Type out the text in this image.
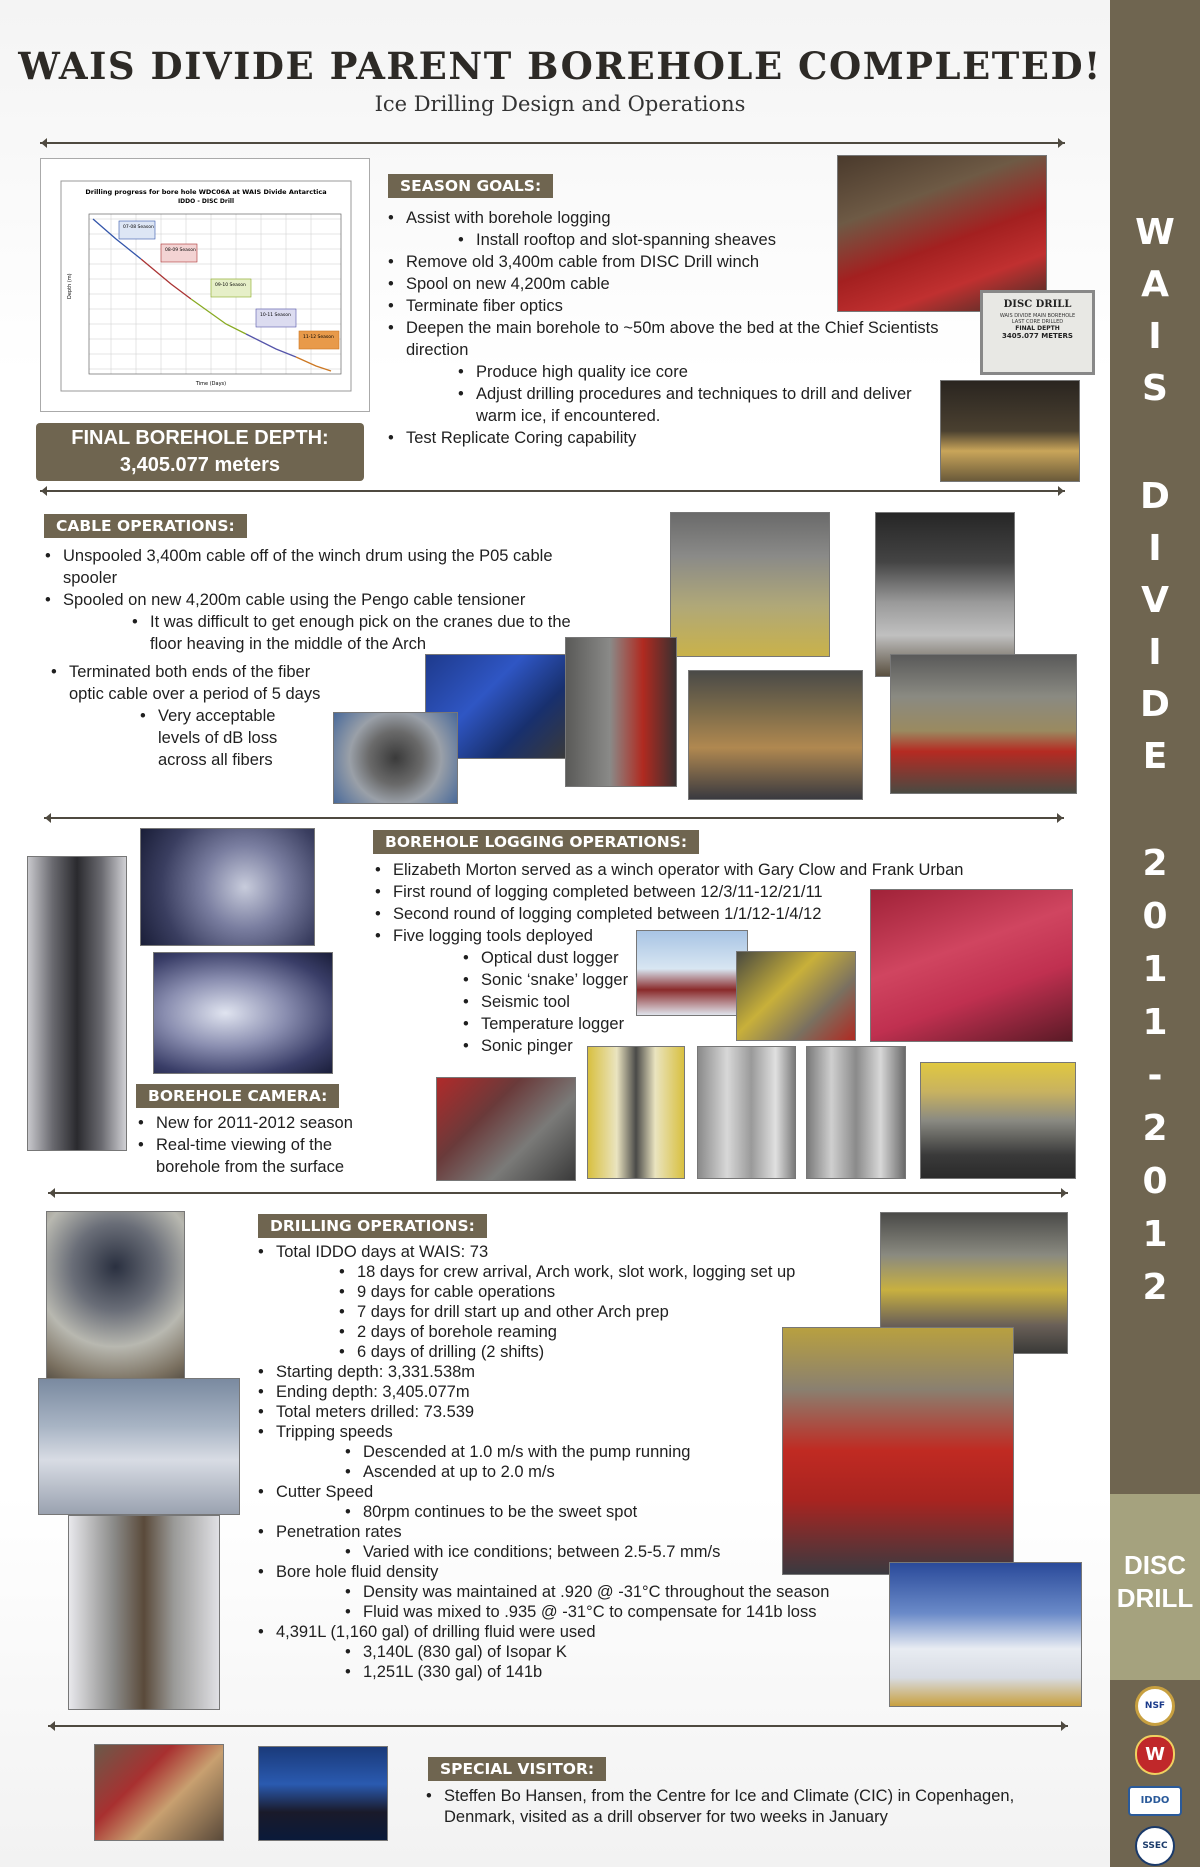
WAIS DIVIDE PARENT BOREHOLE COMPLETED!
Ice Drilling Design and Operations
Drilling progress for bore hole WDC06A at WAIS Divide Antarctica
IDDO - DISC Drill
07-08 Season
08-09 Season
09-10 Season
10-11 Season
11-12 Season
Depth (m)
Time (Days)
FINAL BOREHOLE DEPTH:
3,405.077 meters
SEASON GOALS:
• Assist with borehole logging
• Install rooftop and slot-spanning sheaves
• Remove old 3,400m cable from DISC Drill winch
• Spool on new 4,200m cable
• Terminate fiber optics
• Deepen the main borehole to ~50m above the bed at the Chief Scientists direction
• Produce high quality ice core
• Adjust drilling procedures and techniques to drill and deliver warm ice, if encountered.
• Test Replicate Coring capability
DISC DRILL
WAIS DIVIDE MAIN BOREHOLE
LAST CORE DRILLED
FINAL DEPTH
3405.077 METERS
CABLE OPERATIONS:
• Unspooled 3,400m cable off of the winch drum using the P05 cable spooler
• Spooled on new 4,200m cable using the Pengo cable tensioner
• It was difficult to get enough pick on the cranes due to the floor heaving in the middle of the Arch
• Terminated both ends of the fiber optic cable over a period of 5 days
• Very acceptable levels of dB loss across all fibers
BOREHOLE LOGGING OPERATIONS:
• Elizabeth Morton served as a winch operator with Gary Clow and Frank Urban
• First round of logging completed between 12/3/11-12/21/11
• Second round of logging completed between 1/1/12-1/4/12
• Five logging tools deployed
• Optical dust logger
• Sonic ‘snake’ logger
• Seismic tool
• Temperature logger
• Sonic pinger
BOREHOLE CAMERA:
• New for 2011-2012 season
• Real-time viewing of the borehole from the surface
DRILLING OPERATIONS:
• Total IDDO days at WAIS: 73
• 18 days for crew arrival, Arch work, slot work, logging set up
• 9 days for cable operations
• 7 days for drill start up and other Arch prep
• 2 days of borehole reaming
• 6 days of drilling (2 shifts)
• Starting depth: 3,331.538m
• Ending depth: 3,405.077m
• Total meters drilled: 73.539
• Tripping speeds
• Descended at 1.0 m/s with the pump running
• Ascended at up to 2.0 m/s
• Cutter Speed
• 80rpm continues to be the sweet spot
• Penetration rates
• Varied with ice conditions; between 2.5-5.7 mm/s
• Bore hole fluid density
• Density was maintained at .920 @ -31°C throughout the season
• Fluid was mixed to .935 @ -31°C to compensate for 141b loss
• 4,391L (1,160 gal) of drilling fluid were used
• 3,140L (830 gal) of Isopar K
• 1,251L (330 gal) of 141b
SPECIAL VISITOR:
• Steffen Bo Hansen, from the Centre for Ice and Climate (CIC) in Copenhagen, Denmark, visited as a drill observer for two weeks in January
W
A
I
S
D
I
V
I
D
E
2
0
1
1
-
2
0
1
2
DISC
DRILL
NSF
W
IDDO
SSEC
